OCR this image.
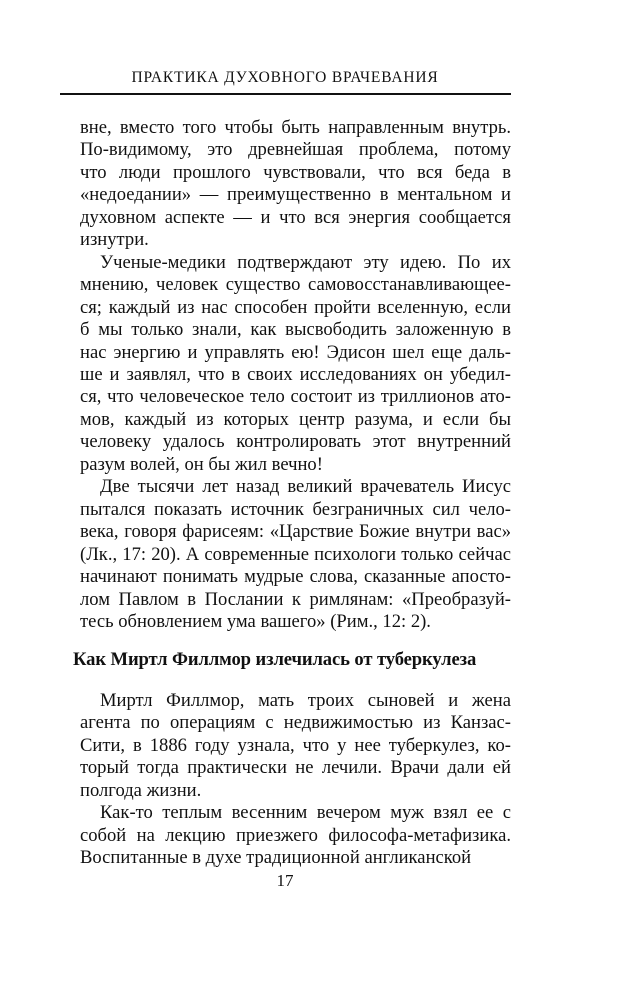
ПРАКТИКА ДУХОВНОГО ВРАЧЕВАНИЯ
вне, вместо того чтобы быть направленным внутрь.
По-видимому, это древнейшая проблема, потому
что люди прошлого чувствовали, что вся беда в
«недоедании» — преимущественно в ментальном и
духовном аспекте — и что вся энергия сообщается
изнутри.
Ученые-медики подтверждают эту идею. По их
мнению, человек существо самовосстанавливающее-
ся; каждый из нас способен пройти вселенную, если
б мы только знали, как высвободить заложенную в
нас энергию и управлять ею! Эдисон шел еще даль-
ше и заявлял, что в своих исследованиях он убедил-
ся, что человеческое тело состоит из триллионов ато-
мов, каждый из которых центр разума, и если бы
человеку удалось контролировать этот внутренний
разум волей, он бы жил вечно!
Две тысячи лет назад великий врачеватель Иисус
пытался показать источник безграничных сил чело-
века, говоря фарисеям: «Царствие Божие внутри вас»
(Лк., 17: 20). А современные психологи только сейчас
начинают понимать мудрые слова, сказанные апосто-
лом Павлом в Послании к римлянам: «Преобразуй-
тесь обновлением ума вашего» (Рим., 12: 2).
Как Миртл Филлмор излечилась от туберкулеза
Миртл Филлмор, мать троих сыновей и жена
агента по операциям с недвижимостью из Канзас-
Сити, в 1886 году узнала, что у нее туберкулез, ко-
торый тогда практически не лечили. Врачи дали ей
полгода жизни.
Как-то теплым весенним вечером муж взял ее с
собой на лекцию приезжего философа-метафизика.
Воспитанные в духе традиционной англиканской
17
